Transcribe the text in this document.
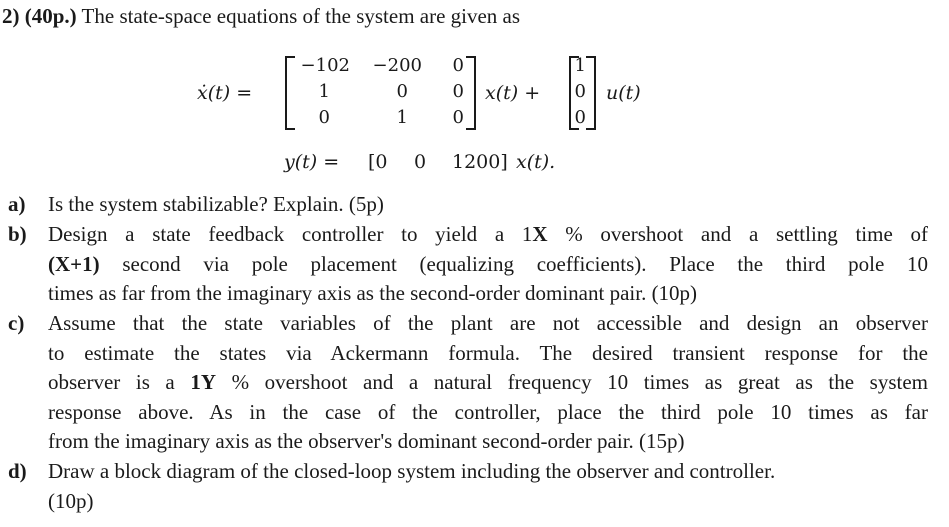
2) (40p.) The state-space equations of the system are given as
ẋ(t) =
−102	−200	0
1	0	0
0	1	0
x(t) +
1
0
0
u(t)
y(t) = [0 0 1200] x(t).
a) Is the system stabilizable? Explain. (5p)
b) Design a state feedback controller to yield a 1X % overshoot and a settling time of
(X+1) second via pole placement (equalizing coefficients). Place the third pole 10
times as far from the imaginary axis as the second-order dominant pair. (10p)
c) Assume that the state variables of the plant are not accessible and design an observer
to estimate the states via Ackermann formula. The desired transient response for the
observer is a 1Y % overshoot and a natural frequency 10 times as great as the system
response above. As in the case of the controller, place the third pole 10 times as far
from the imaginary axis as the observer's dominant second-order pair. (15p)
d) Draw a block diagram of the closed-loop system including the observer and controller.
(10p)
